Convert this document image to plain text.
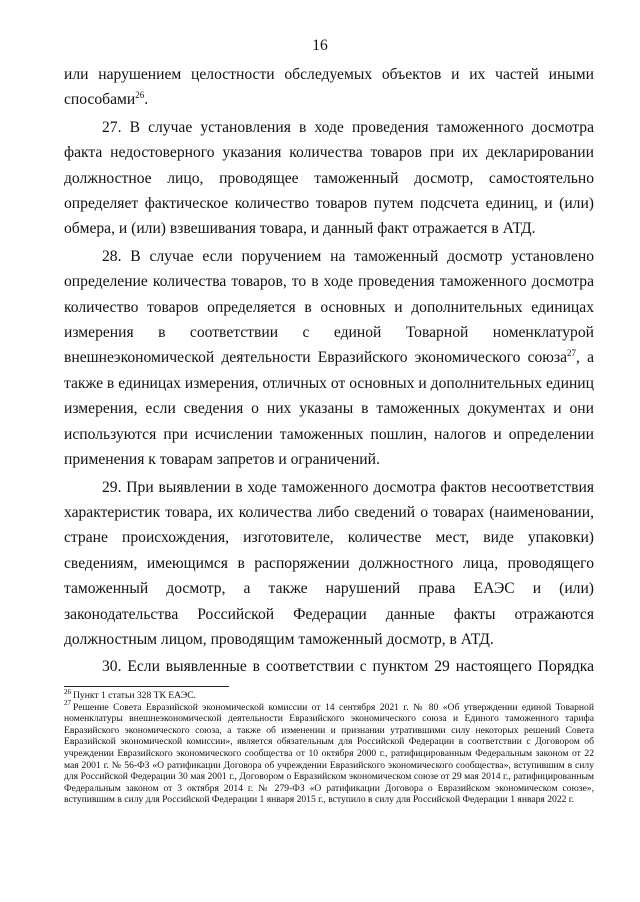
16

или нарушением целостности обследуемых объектов и их частей иными способами$^{26}$.

27. В случае установления в ходе проведения таможенного досмотра факта недостоверного указания количества товаров при их декларировании должностное лицо, проводящее таможенный досмотр, самостоятельно определяет фактическое количество товаров путем подсчета единиц, и (или) обмера, и (или) взвешивания товара, и данный факт отражается в АТД.

28. В случае если поручением на таможенный досмотр установлено определение количества товаров, то в ходе проведения таможенного досмотра количество товаров определяется в основных и дополнительных единицах измерения в соответствии с единой Товарной номенклатурой внешнеэкономической деятельности Евразийского экономического союза$^{27}$, а также в единицах измерения, отличных от основных и дополнительных единиц измерения, если сведения о них указаны в таможенных документах и они используются при исчислении таможенных пошлин, налогов и определении применения к товарам запретов и ограничений.

29. При выявлении в ходе таможенного досмотра фактов несоответствия характеристик товара, их количества либо сведений о товарах (наименовании, стране происхождения, изготовителе, количестве мест, виде упаковки) сведениям, имеющимся в распоряжении должностного лица, проводящего таможенный досмотр, а также нарушений права ЕАЭС и (или) законодательства Российской Федерации данные факты отражаются должностным лицом, проводящим таможенный досмотр, в АТД.

30. Если выявленные в соответствии с пунктом 29 настоящего Порядка

$^{26}$ Пункт 1 статьи 328 ТК ЕАЭС.

$^{27}$ Решение Совета Евразийской экономической комиссии от 14 сентября 2021 г. № 80 «Об утверждении единой Товарной номенклатуры внешнеэкономической деятельности Евразийского экономического союза и Единого таможенного тарифа Евразийского экономического союза, а также об изменении и признании утратившими силу некоторых решений Совета Евразийской экономической комиссии», является обязательным для Российской Федерации в соответствии с Договором об учреждении Евразийского экономического сообщества от 10 октября 2000 г., ратифицированным Федеральным законом от 22 мая 2001 г. № 56-ФЗ «О ратификации Договора об учреждении Евразийского экономического сообщества», вступившим в силу для Российской Федерации 30 мая 2001 г., Договором о Евразийском экономическом союзе от 29 мая 2014 г., ратифицированным Федеральным законом от 3 октября 2014 г. № 279-ФЗ «О ратификации Договора о Евразийском экономическом союзе», вступившим в силу для Российской Федерации 1 января 2015 г., вступило в силу для Российской Федерации 1 января 2022 г.
